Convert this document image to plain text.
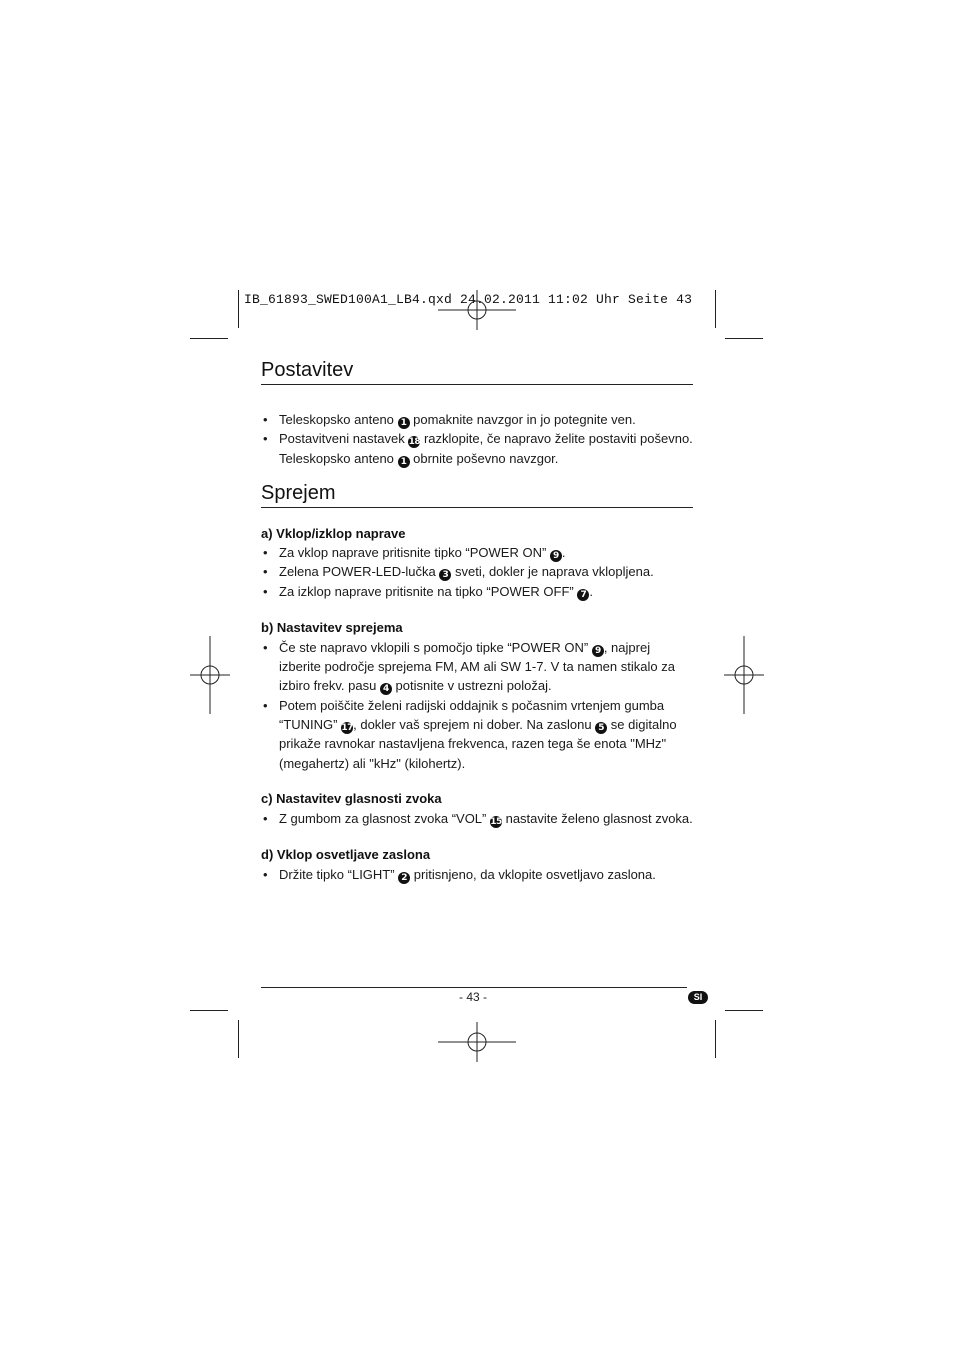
IB_61893_SWED100A1_LB4.qxd 24.02.2011 11:02 Uhr Seite 43
Postavitev
• Teleskopsko anteno 1 pomaknite navzgor in jo potegnite ven.
• Postavitveni nastavek 18 razklopite, če napravo želite postaviti poševno.
Teleskopsko anteno 1 obrnite poševno navzgor.
Sprejem

a) Vklop/izklop naprave

• Za vklop naprave pritisnite tipko “POWER ON” 9 .
• Zelena POWER-LED-lučka 3 sveti, dokler je naprava vklopljena.
• Za izklop naprave pritisnite na tipko “POWER OFF” 7 .

b) Nastavitev sprejema

• Če ste napravo vklopili s pomočjo tipke “POWER ON” 9 , najprej izberite področje sprejema FM, AM ali SW 1-7. V ta namen stikalo za izbiro frekv. pasu 4 potisnite v ustrezni položaj.
• Potem poiščite želeni radijski oddajnik s počasnim vrtenjem gumba “TUNING” 17, dokler vaš sprejem ni dober. Na zaslonu 5 se digitalno prikaže ravnokar nastavljena frekvenca, razen tega še enota "MHz" (megahertz) ali "kHz" (kilohertz).

c) Nastavitev glasnosti zvoka

• Z gumbom za glasnost zvoka “VOL” 15 nastavite želeno glasnost zvoka.

d) Vklop osvetljave zaslona

• Držite tipko “LIGHT” 2 pritisnjeno, da vklopite osvetljavo zaslona.
- 43 -	SI
